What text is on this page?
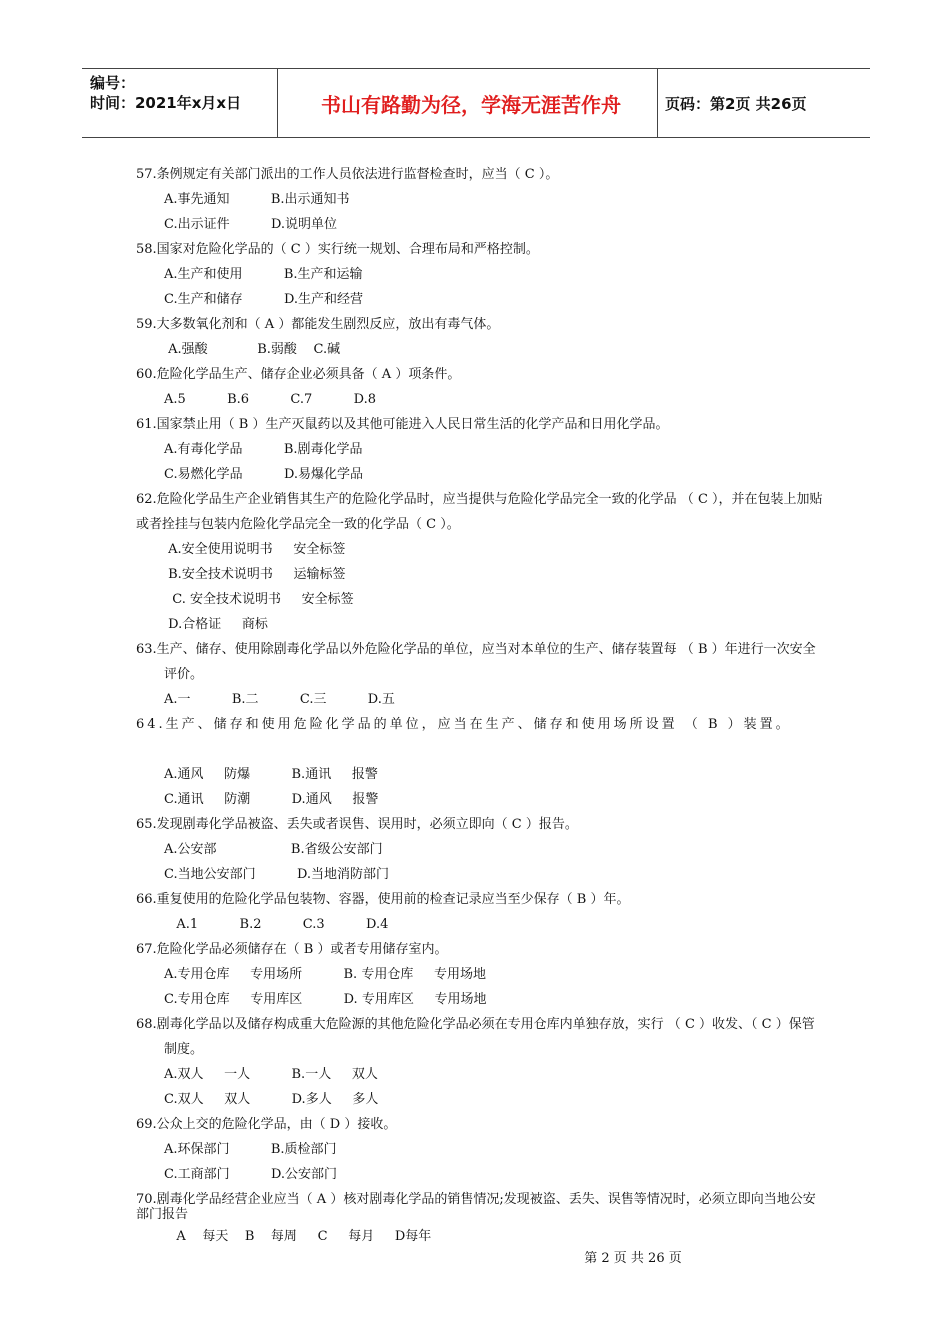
编号：
时间：2021年x月x日	书山有路勤为径，学海无涯苦作舟	页码：第2页 共26页

57.条例规定有关部门派出的工作人员依法进行监督检查时，应当（ C ）。

A.事先通知          B.出示通知书

C.出示证件          D.说明单位

58.国家对危险化学品的（ C ）实行统一规划、合理布局和严格控制。

A.生产和使用          B.生产和运输

C.生产和储存          D.生产和经营

59.大多数氧化剂和（ A ）都能发生剧烈反应，放出有毒气体。

A.强酸            B.弱酸    C.碱

60.危险化学品生产、储存企业必须具备（ A ）项条件。

A.5          B.6          C.7          D.8

61.国家禁止用（ B ）生产灭鼠药以及其他可能进入人民日常生活的化学产品和日用化学品。

A.有毒化学品          B.剧毒化学品

C.易燃化学品          D.易爆化学品

62.危险化学品生产企业销售其生产的危险化学品时，应当提供与危险化学品完全一致的化学品 （ C ），并在包装上加贴或者拴挂与包装内危险化学品完全一致的化学品（ C ）。

A.安全使用说明书     安全标签

B.安全技术说明书     运输标签

C. 安全技术说明书     安全标签

D.合格证     商标

63.生产、储存、使用除剧毒化学品以外危险化学品的单位，应当对本单位的生产、储存装置每 （ B ）年进行一次安全评价。

A.一          B.二          C.三          D.五

64.生产、储存和使用危险化学品的单位，应当在生产、储存和使用场所设置 （ B ）装置。

A.通风     防爆          B.通讯     报警

C.通讯     防潮          D.通风     报警

65.发现剧毒化学品被盗、丢失或者误售、误用时，必须立即向（ C ）报告。

A.公安部                  B.省级公安部门

C.当地公安部门          D.当地消防部门

66.重复使用的危险化学品包装物、容器，使用前的检查记录应当至少保存（ B ）年。

A.1          B.2          C.3          D.4

67.危险化学品必须储存在（ B ）或者专用储存室内。

A.专用仓库     专用场所          B. 专用仓库     专用场地

C.专用仓库     专用库区          D. 专用库区     专用场地

68.剧毒化学品以及储存构成重大危险源的其他危险化学品必须在专用仓库内单独存放，实行 （ C ）收发、（ C ）保管制度。

A.双人     一人          B.一人     双人

C.双人     双人          D.多人     多人

69.公众上交的危险化学品，由（ D ）接收。

A.环保部门          B.质检部门

C.工商部门          D.公安部门

70.剧毒化学品经营企业应当（ A ）核对剧毒化学品的销售情况;发现被盗、丢失、误售等情况时，必须立即向当地公安部门报告

A    每天    B    每周     C     每月     D每年

第 2 页 共 26 页
